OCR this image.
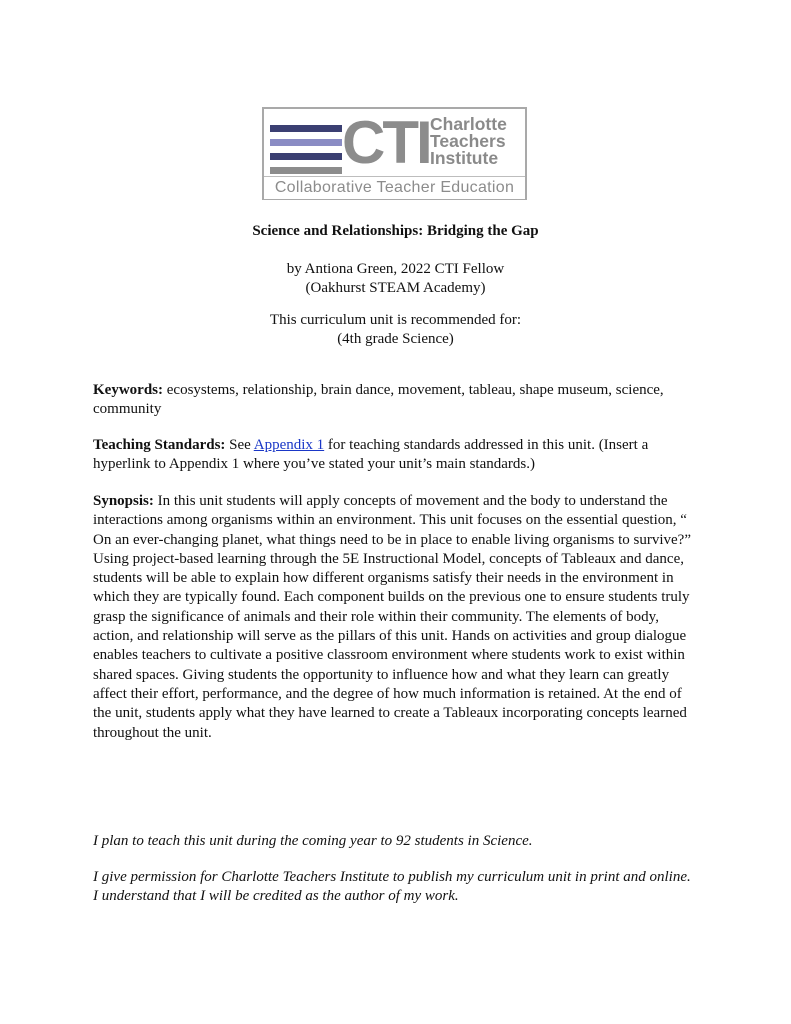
CTI Charlotte
Teachers
Institute
Collaborative Teacher Education
Science and Relationships: Bridging the Gap
by Antiona Green, 2022 CTI Fellow
(Oakhurst STEAM Academy)
This curriculum unit is recommended for:
(4th grade Science)
Keywords: ecosystems, relationship, brain dance, movement, tableau, shape museum, science, community
Teaching Standards: See Appendix 1 for teaching standards addressed in this unit. (Insert a hyperlink to Appendix 1 where you’ve stated your unit’s main standards.)
Synopsis: In this unit students will apply concepts of movement and the body to understand the interactions among organisms within an environment. This unit focuses on the essential question, “ On an ever-changing planet, what things need to be in place to enable living organisms to survive?” Using project-based learning through the 5E Instructional Model, concepts of Tableaux and dance, students will be able to explain how different organisms satisfy their needs in the environment in which they are typically found. Each component builds on the previous one to ensure students truly grasp the significance of animals and their role within their community. The elements of body, action, and relationship will serve as the pillars of this unit. Hands on activities and group dialogue enables teachers to cultivate a positive classroom environment where students work to exist within shared spaces. Giving students the opportunity to influence how and what they learn can greatly affect their effort, performance, and the degree of how much information is retained. At the end of the unit, students apply what they have learned to create a Tableaux incorporating concepts learned throughout the unit.
I plan to teach this unit during the coming year to 92 students in Science.
I give permission for Charlotte Teachers Institute to publish my curriculum unit in print and online. I understand that I will be credited as the author of my work.
